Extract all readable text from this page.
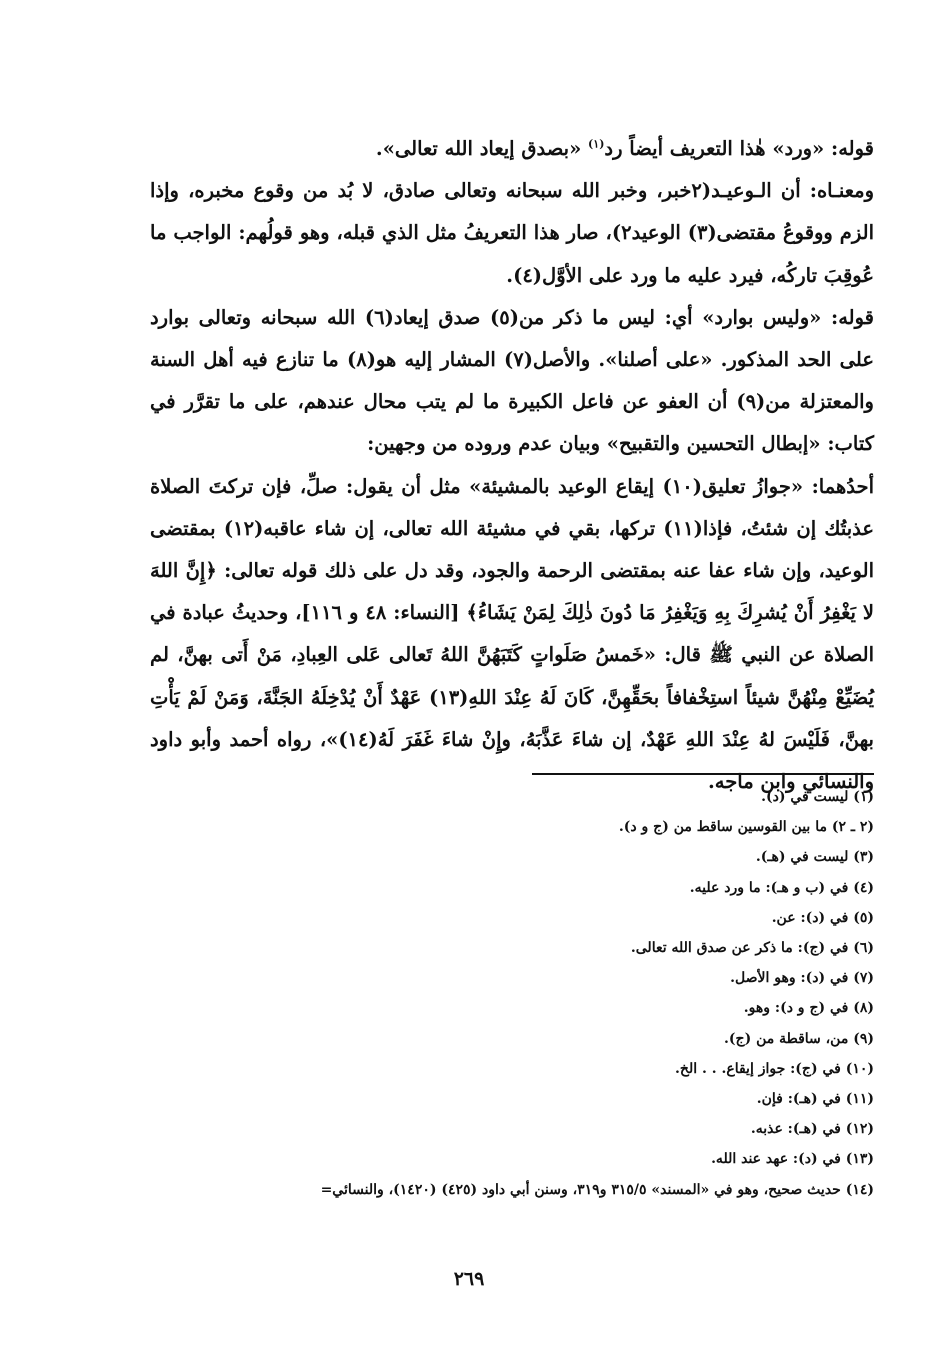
قوله: «ورد» هٰذا التعريف أيضاً رد$^{(١)}$ «بصدق إيعاد الله تعالى».

ومعنـاه: أن الـوعيـد(٢خبر، وخبر الله سبحانه وتعالى صادق، لا بُد من وقوع مخبره، وإذا الزم ووقوعُ مقتضى(٣) الوعيد٢)، صار هذا التعريفُ مثل الذي قبله، وهو قولُهم: الواجب ما عُوقِبَ تاركُه، فيرد عليه ما ورد على الأوَّل(٤).

قوله: «وليس بوارد» أي: ليس ما ذكر من(٥) صدق إيعاد(٦) الله سبحانه وتعالى بوارد على الحد المذكور. «على أصلنا». والأصل(٧) المشار إليه هو(٨) ما تنازع فيه أهل السنة والمعتزلة من(٩) أن العفو عن فاعل الكبيرة ما لم يتب محال عندهم، على ما تقرَّر في كتاب: «إبطال التحسين والتقبيح» وبيان عدم وروده من وجهين:

أحدُهما: «جوازُ تعليق(١٠) إيقاع الوعيد بالمشيئة» مثل أن يقول: صلِّ، فإن تركتَ الصلاة عذبتُك إن شئتُ، فإذا(١١) تركها، بقي في مشيئة الله تعالى، إن شاء عاقبه(١٢) بمقتضى الوعيد، وإن شاء عفا عنه بمقتضى الرحمة والجود، وقد دل على ذلك قوله تعالى: ﴿إِنَّ اللهَ لا يَغْفِرُ أَنْ يُشرِكَ بِهِ وَيَغْفِرُ مَا دُونَ ذٰلِكَ لِمَنْ يَشَاءُ﴾ [النساء: ٤٨ و ١١٦]، وحديثُ عبادة في الصلاة عن النبي ﷺ قال: «خَمسُ صَلَواتٍ كَتَبَهُنَّ اللهُ تَعالى عَلى العِبادِ، مَنْ أَتى بهنَّ، لم يُضَيِّعْ مِنْهُنَّ شيئاً استِخْفافاً بحَقِّهِنَّ، كَانَ لَهُ عِنْدَ اللهِ(١٣) عَهْدٌ أَنْ يُدْخِلَهُ الجَنَّةَ، وَمَنْ لَمْ يَأْتِ بهنَّ، فَلَيْسَ لهُ عِنْدَ اللهِ عَهْدٌ، إن شاءَ عَذَّبَهُ، وإِنْ شاءَ غَفَرَ لَهُ(١٤)»، رواه أحمد وأبو داود والنسائي وابن ماجه.

(١) ليست في (د).
(٢ ـ ٢) ما بين القوسين ساقط من (ج و د).
(٣) ليست في (هـ).
(٤) في (ب و هـ): ما ورد عليه.
(٥) في (د): عن.
(٦) في (ج): ما ذكر عن صدق الله تعالى.
(٧) في (د): وهو الأصل.
(٨) في (ج و د): وهو.
(٩) من، ساقطة من (ج).
(١٠) في (ج): جواز إيقاع. . . الخ.
(١١) في (هـ): فإن.
(١٢) في (هـ): عذبه.
(١٣) في (د): عهد عند الله.
(١٤) حديث صحيح، وهو في «المسند» ٣١٥/٥ و٣١٩، وسنن أبي داود (٤٢٥) (١٤٢٠)، والنسائي=
٢٦٩
